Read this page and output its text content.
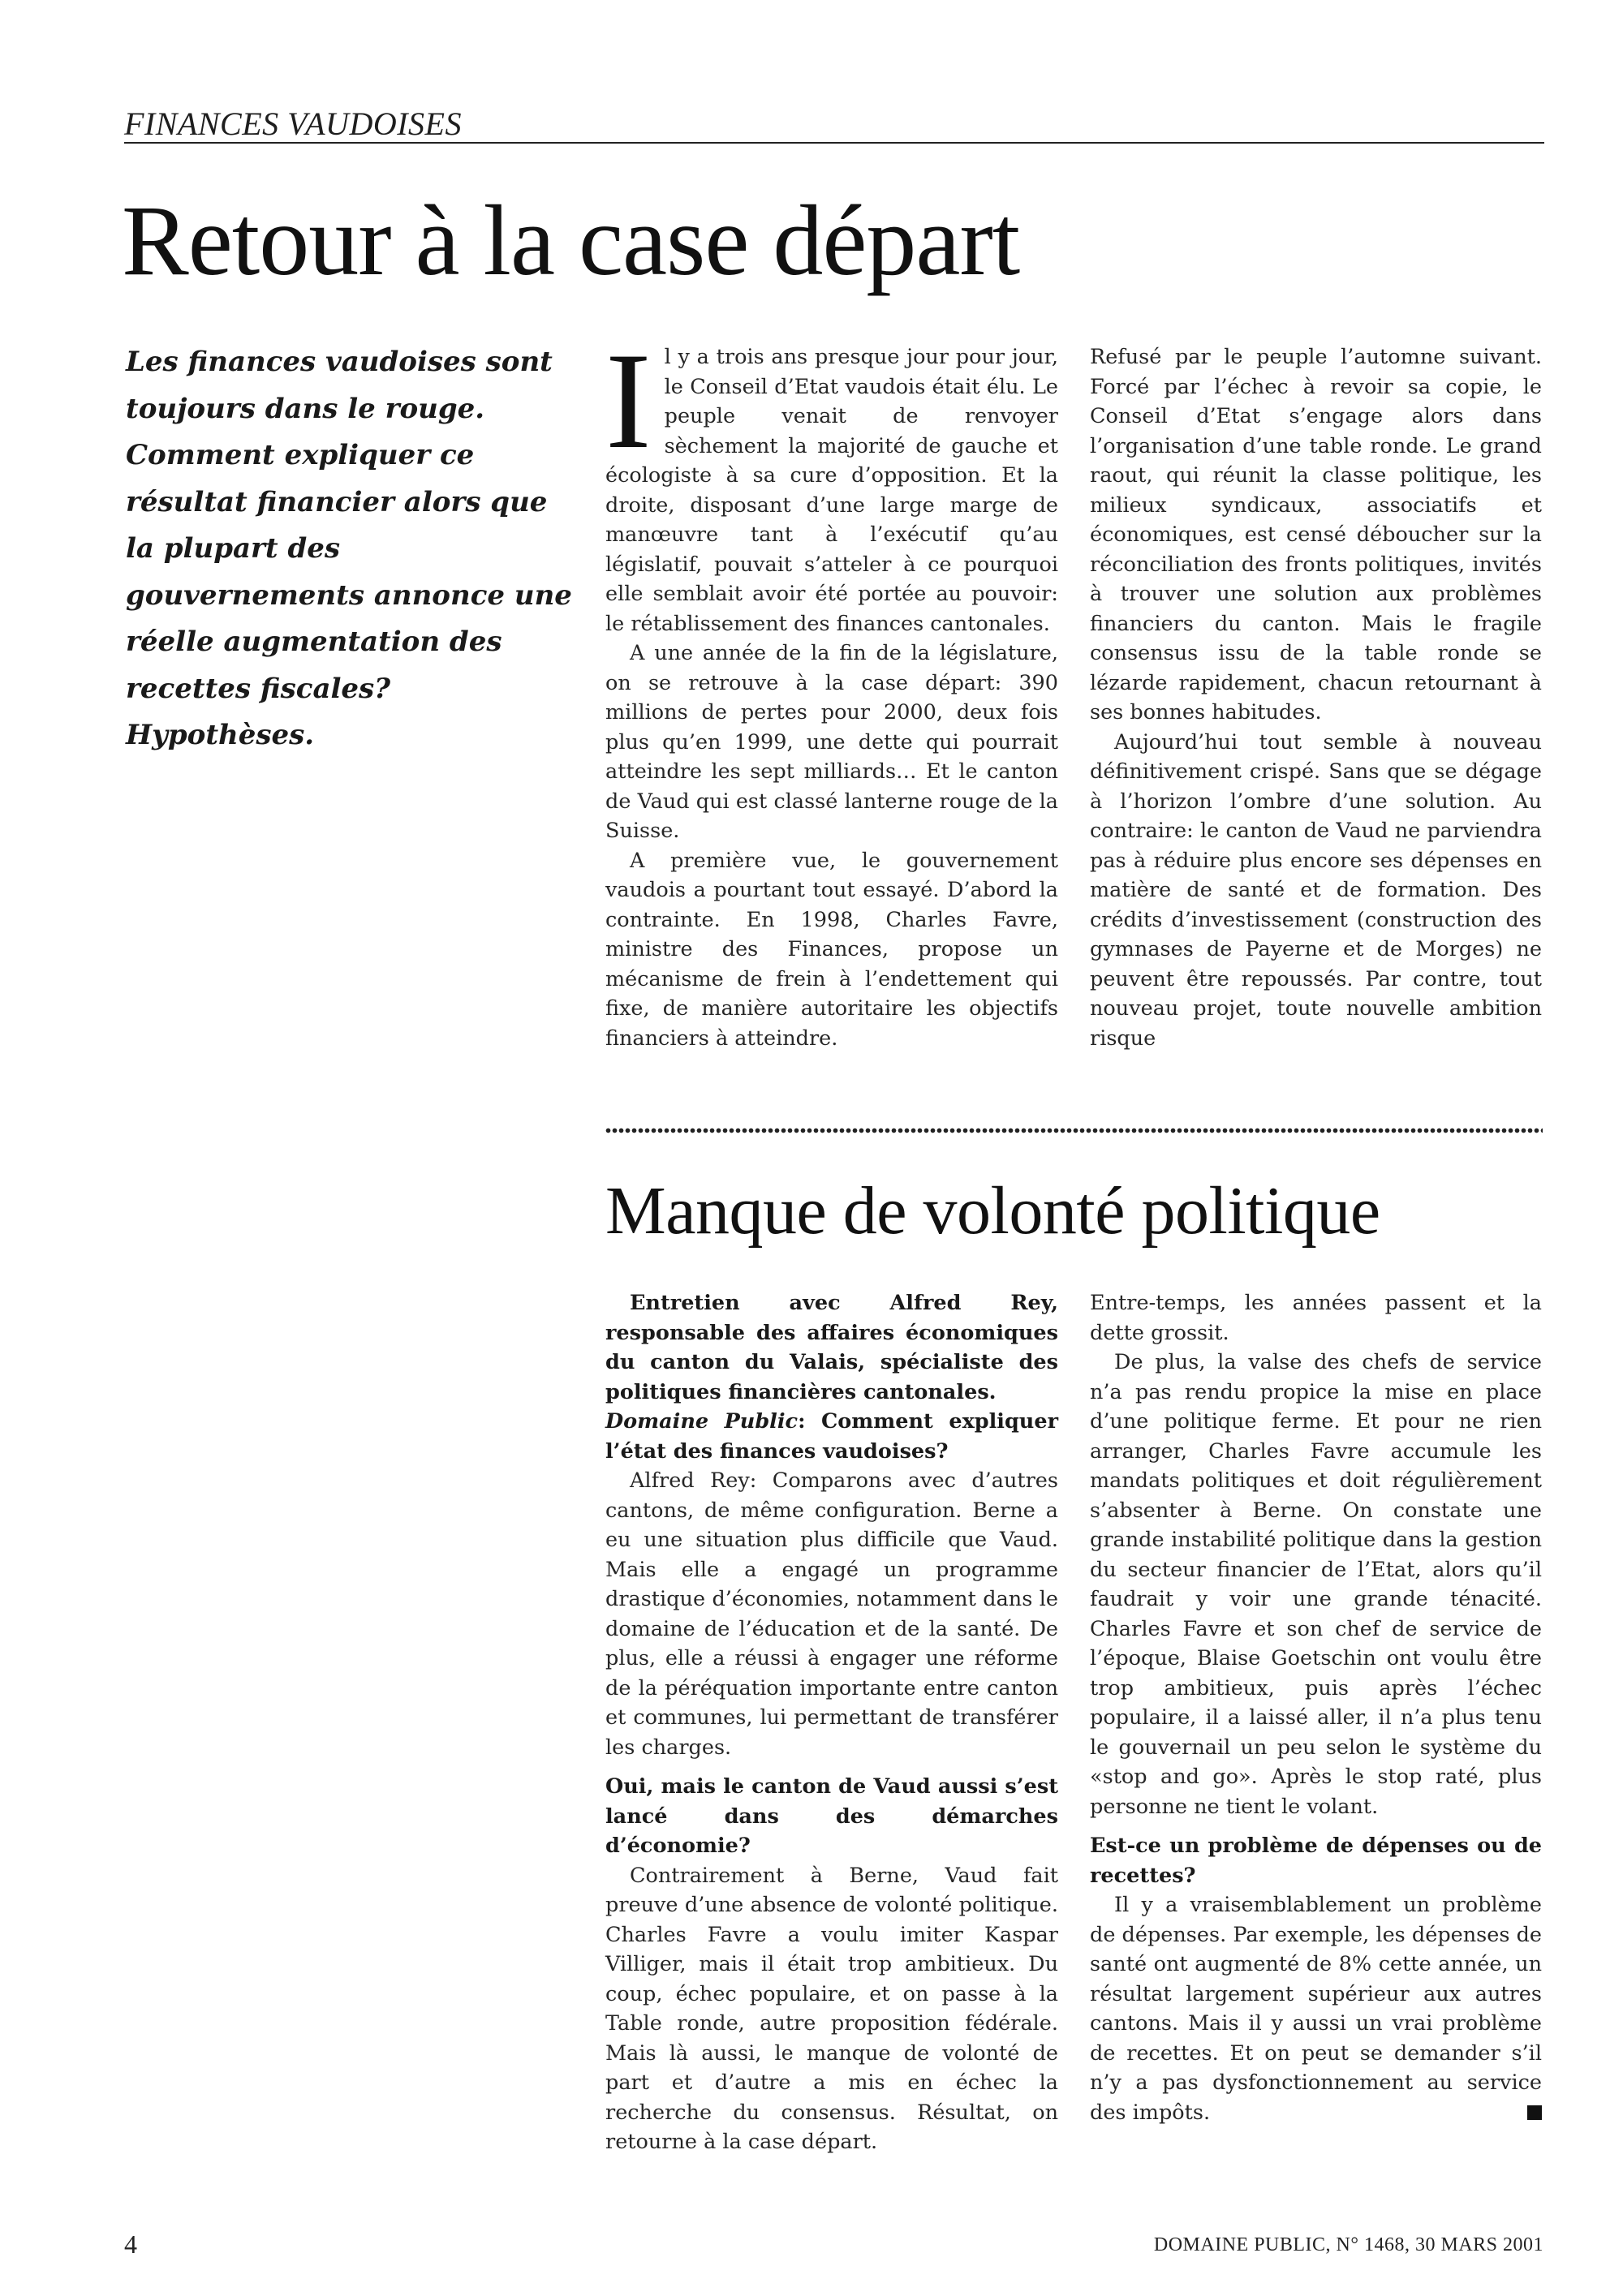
FINANCES VAUDOISES
Retour à la case départ
Les finances vaudoises sont
toujours dans le rouge.
Comment expliquer ce
résultat financier alors que
la plupart des
gouvernements annonce une
réelle augmentation des
recettes fiscales?
Hypothèses.

Il y a trois ans presque jour pour jour, le Conseil d’Etat vaudois était élu. Le peuple venait de renvoyer sèchement la majorité de gauche et écologiste à sa cure d’opposition. Et la droite, disposant d’une large marge de manœuvre tant à l’exécutif qu’au législatif, pouvait s’atteler à ce pourquoi elle semblait avoir été portée au pouvoir: le rétablissement des finances cantonales.

A une année de la fin de la législature, on se retrouve à la case départ: 390 millions de pertes pour 2000, deux fois plus qu’en 1999, une dette qui pourrait atteindre les sept milliards… Et le canton de Vaud qui est classé lanterne rouge de la Suisse.

A première vue, le gouvernement vaudois a pourtant tout essayé. D’abord la contrainte. En 1998, Charles Favre, ministre des Finances, propose un mécanisme de frein à l’endettement qui fixe, de manière autoritaire les objectifs financiers à atteindre.

Refusé par le peuple l’automne suivant. Forcé par l’échec à revoir sa copie, le Conseil d’Etat s’engage alors dans l’organisation d’une table ronde. Le grand raout, qui réunit la classe politique, les milieux syndicaux, associatifs et économiques, est censé déboucher sur la réconciliation des fronts politiques, invités à trouver une solution aux problèmes financiers du canton. Mais le fragile consensus issu de la table ronde se lézarde rapidement, chacun retournant à ses bonnes habitudes.

Aujourd’hui tout semble à nouveau définitivement crispé. Sans que se dégage à l’horizon l’ombre d’une solution. Au contraire: le canton de Vaud ne parviendra pas à réduire plus encore ses dépenses en matière de santé et de formation. Des crédits d’investissement (construction des gymnases de Payerne et de Morges) ne peuvent être repoussés. Par contre, tout nouveau projet, toute nouvelle ambition risque

Manque de volonté politique

Entretien avec Alfred Rey, responsable des affaires économiques du canton du Valais, spécialiste des politiques financières cantonales.

Domaine Public: Comment expliquer l’état des finances vaudoises?

Alfred Rey: Comparons avec d’autres cantons, de même configuration. Berne a eu une situation plus difficile que Vaud. Mais elle a engagé un programme drastique d’économies, notamment dans le domaine de l’éducation et de la santé. De plus, elle a réussi à engager une réforme de la péréquation importante entre canton et communes, lui permettant de transférer les charges.

Oui, mais le canton de Vaud aussi s’est lancé dans des démarches d’économie?

Contrairement à Berne, Vaud fait preuve d’une absence de volonté politique. Charles Favre a voulu imiter Kaspar Villiger, mais il était trop ambitieux. Du coup, échec populaire, et on passe à la Table ronde, autre proposition fédérale. Mais là aussi, le manque de volonté de part et d’autre a mis en échec la recherche du consensus. Résultat, on retourne à la case départ.

Entre-temps, les années passent et la dette grossit.

De plus, la valse des chefs de service n’a pas rendu propice la mise en place d’une politique ferme. Et pour ne rien arranger, Charles Favre accumule les mandats politiques et doit régulièrement s’absenter à Berne. On constate une grande instabilité politique dans la gestion du secteur financier de l’Etat, alors qu’il faudrait y voir une grande ténacité. Charles Favre et son chef de service de l’époque, Blaise Goetschin ont voulu être trop ambitieux, puis après l’échec populaire, il a laissé aller, il n’a plus tenu le gouvernail un peu selon le système du «stop and go». Après le stop raté, plus personne ne tient le volant.

Est-ce un problème de dépenses ou de recettes?

Il y a vraisemblablement un problème de dépenses. Par exemple, les dépenses de santé ont augmenté de 8% cette année, un résultat largement supérieur aux autres cantons. Mais il y aussi un vrai problème de recettes. Et on peut se demander s’il n’y a pas dysfonctionnement au service des impôts.

4	DOMAINE PUBLIC, N° 1468, 30 MARS 2001
